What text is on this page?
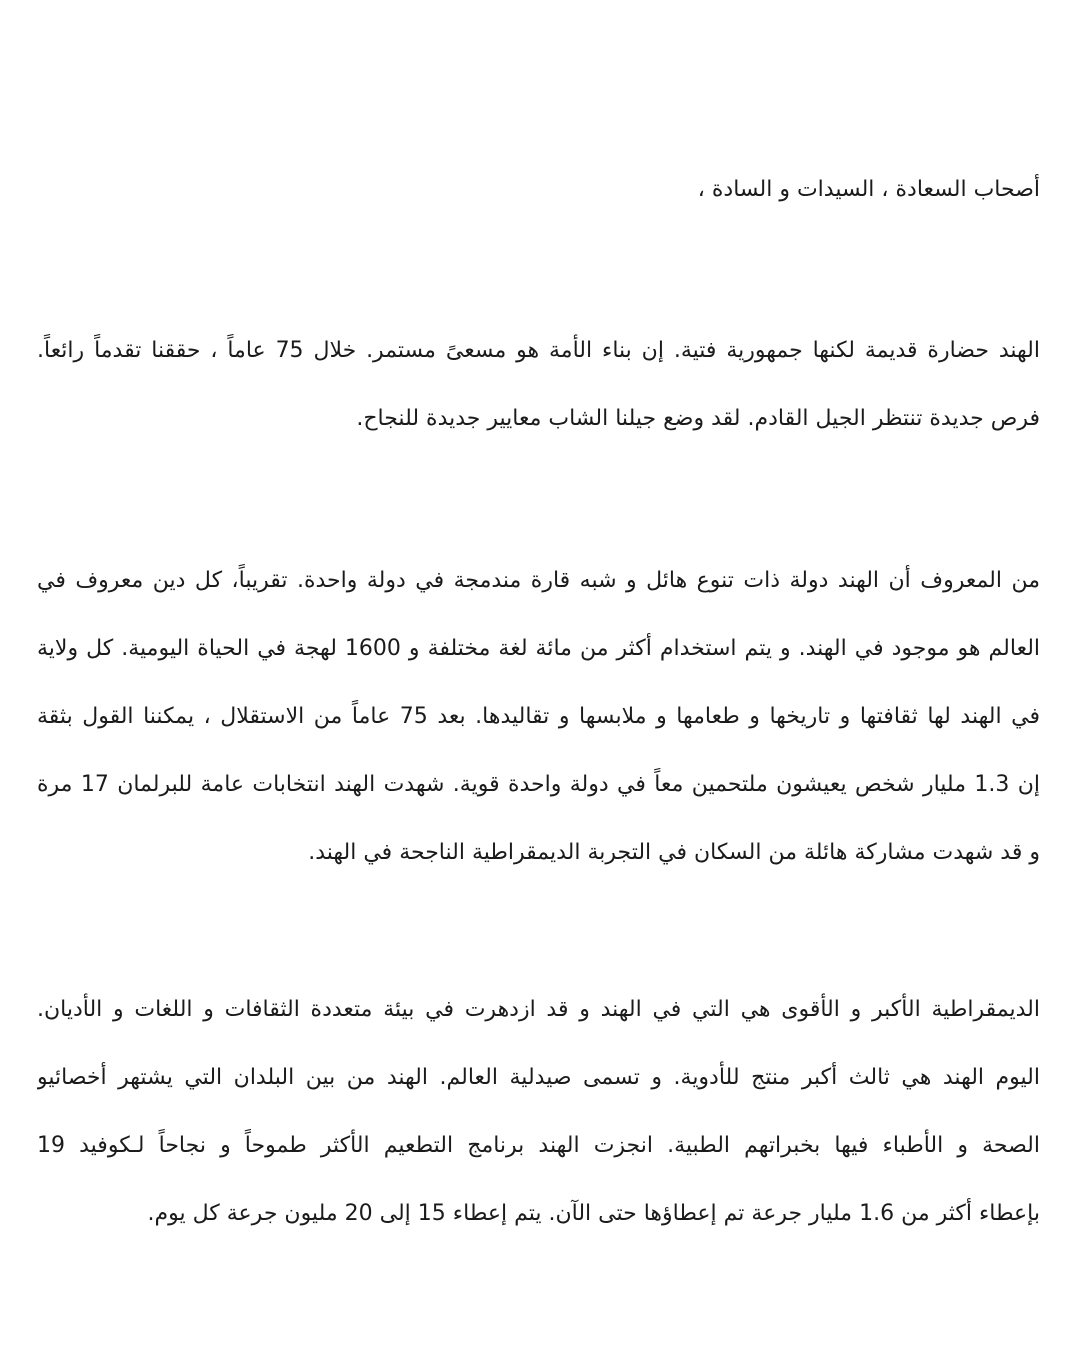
أصحاب السعادة ، السيدات و السادة ،
الهند حضارة قديمة لكنها جمهورية فتية. إن بناء الأمة هو مسعىً مستمر. خلال 75 عاماً ، حققنا تقدماً رائعاً.
فرص جديدة تنتظر الجيل القادم. لقد وضع جيلنا الشاب معايير جديدة للنجاح.
من المعروف أن الهند دولة ذات تنوع هائل و شبه قارة مندمجة في دولة واحدة. تقريباً، كل دين معروف في
العالم هو موجود في الهند. و يتم استخدام أكثر من مائة لغة مختلفة و 1600 لهجة في الحياة اليومية. كل ولاية
في الهند لها ثقافتها و تاريخها و طعامها و ملابسها و تقاليدها. بعد 75 عاماً من الاستقلال ، يمكننا القول بثقة
إن 1.3 مليار شخص يعيشون ملتحمين معاً في دولة واحدة قوية. شهدت الهند انتخابات عامة للبرلمان 17 مرة
و قد شهدت مشاركة هائلة من السكان في التجربة الديمقراطية الناجحة في الهند.
الديمقراطية الأكبر و الأقوى هي التي في الهند و قد ازدهرت في بيئة متعددة الثقافات و اللغات و الأديان.
اليوم الهند هي ثالث أكبر منتج للأدوية. و تسمى صيدلية العالم. الهند من بين البلدان التي يشتهر أخصائيو
الصحة و الأطباء فيها بخبراتهم الطبية. انجزت الهند برنامج التطعيم الأكثر طموحاً و نجاحاً لـكوفيد 19
بإعطاء أكثر من 1.6 مليار جرعة تم إعطاؤها حتى الآن. يتم إعطاء 15 إلى 20 مليون جرعة كل يوم.
